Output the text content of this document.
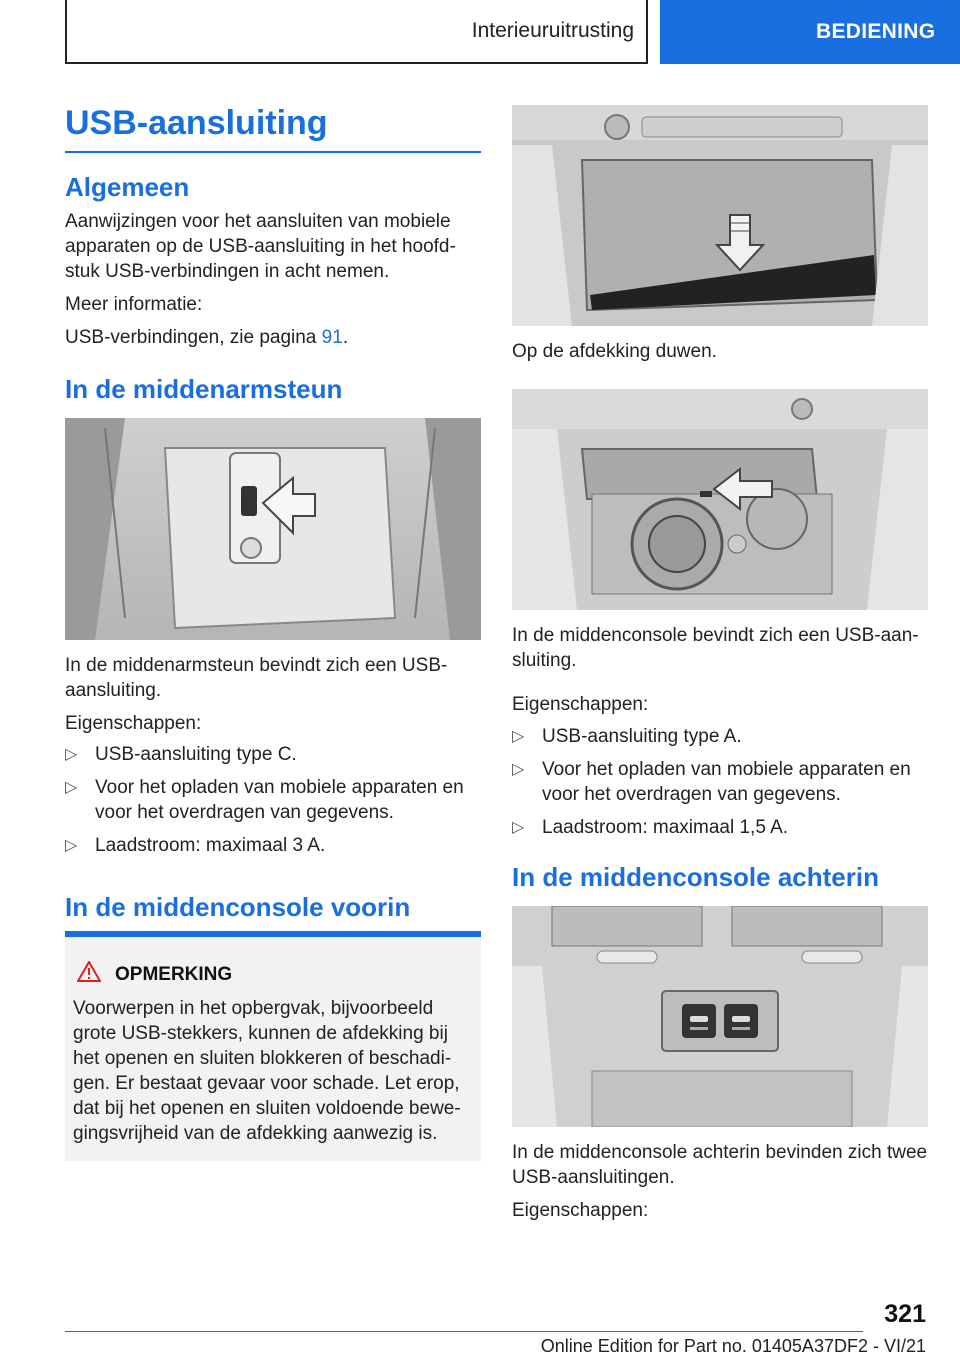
Interieuruitrusting	BEDIENING
USB-aansluiting
Algemeen

Aanwijzingen voor het aansluiten van mobiele apparaten op de USB-aansluiting in het hoofd-stuk USB-verbindingen in acht nemen.

Meer informatie:

USB-verbindingen, zie pagina 91.

In de middenarmsteun

In de middenarmsteun bevindt zich een USB-aansluiting.

Eigenschappen:

▷ USB-aansluiting type C.
▷ Voor het opladen van mobiele apparaten en voor het overdragen van gegevens.
▷ Laadstroom: maximaal 3 A.
In de middenconsole voorin
OPMERKING

Voorwerpen in het opbergvak, bijvoorbeeld grote USB-stekkers, kunnen de afdekking bij het openen en sluiten blokkeren of beschadi-gen. Er bestaat gevaar voor schade. Let erop, dat bij het openen en sluiten voldoende bewe-gingsvrijheid van de afdekking aanwezig is.

Op de afdekking duwen.

In de middenconsole bevindt zich een USB-aan-sluiting.

Eigenschappen:

▷ USB-aansluiting type A.
▷ Voor het opladen van mobiele apparaten en voor het overdragen van gegevens.
▷ Laadstroom: maximaal 1,5 A.
In de middenconsole achterin

In de middenconsole achterin bevinden zich twee USB-aansluitingen.

Eigenschappen:

321
Online Edition for Part no. 01405A37DF2 - VI/21
